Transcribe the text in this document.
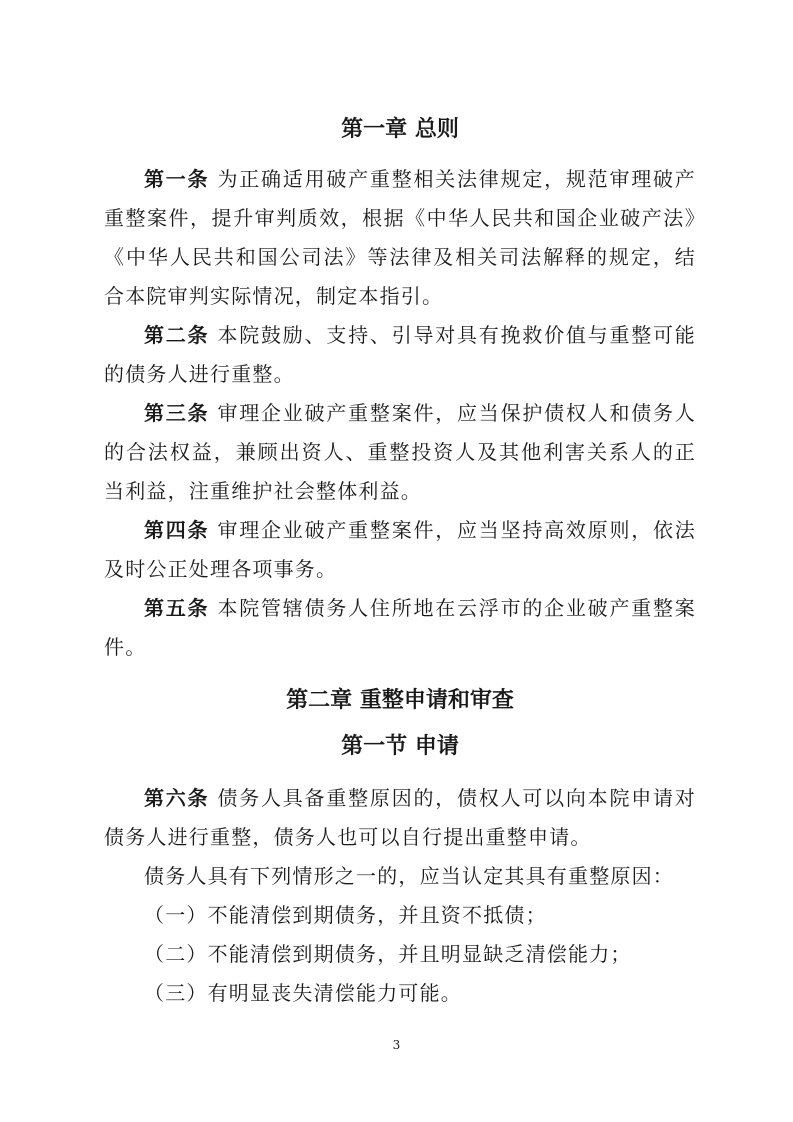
第一章 总则

第一条 为正确适用破产重整相关法律规定，规范审理破产重整案件，提升审判质效，根据《中华人民共和国企业破产法》《中华人民共和国公司法》等法律及相关司法解释的规定，结合本院审判实际情况，制定本指引。

第二条 本院鼓励、支持、引导对具有挽救价值与重整可能的债务人进行重整。

第三条 审理企业破产重整案件，应当保护债权人和债务人的合法权益，兼顾出资人、重整投资人及其他利害关系人的正当利益，注重维护社会整体利益。

第四条 审理企业破产重整案件，应当坚持高效原则，依法及时公正处理各项事务。

第五条 本院管辖债务人住所地在云浮市的企业破产重整案件。

第二章 重整申请和审查
第一节 申请

第六条 债务人具备重整原因的，债权人可以向本院申请对债务人进行重整，债务人也可以自行提出重整申请。

债务人具有下列情形之一的，应当认定其具有重整原因：

（一）不能清偿到期债务，并且资不抵债；

（二）不能清偿到期债务，并且明显缺乏清偿能力；

（三）有明显丧失清偿能力可能。

3
